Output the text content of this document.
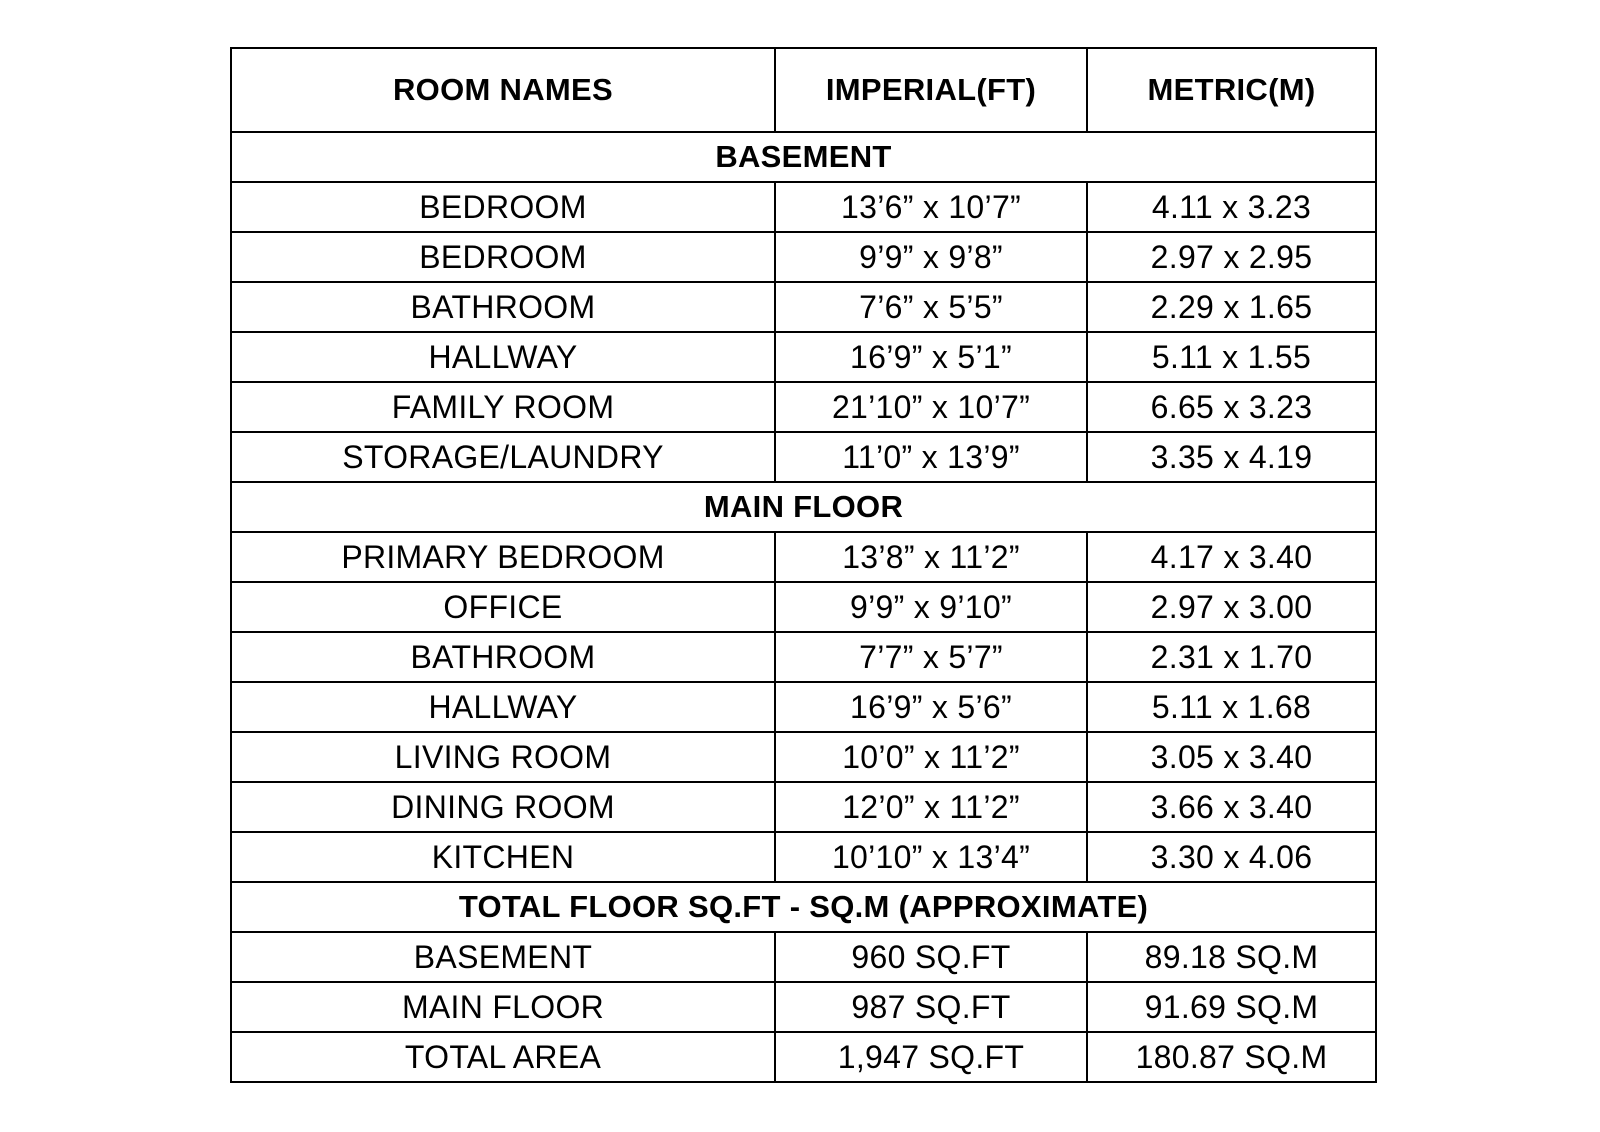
ROOM NAMES	IMPERIAL(FT)	METRIC(M)
BASEMENT		
BEDROOM	13’6” x 10’7”	4.11 x 3.23
BEDROOM	9’9” x 9’8”	2.97 x 2.95
BATHROOM	7’6” x 5’5”	2.29 x 1.65
HALLWAY	16’9” x 5’1”	5.11 x 1.55
FAMILY ROOM	21’10” x 10’7”	6.65 x 3.23
STORAGE/LAUNDRY	11’0” x 13’9”	3.35 x 4.19
MAIN FLOOR		
PRIMARY BEDROOM	13’8” x 11’2”	4.17 x 3.40
OFFICE	9’9” x 9’10”	2.97 x 3.00
BATHROOM	7’7” x 5’7”	2.31 x 1.70
HALLWAY	16’9” x 5’6”	5.11 x 1.68
LIVING ROOM	10’0” x 11’2”	3.05 x 3.40
DINING ROOM	12’0” x 11’2”	3.66 x 3.40
KITCHEN	10’10” x 13’4”	3.30 x 4.06
TOTAL FLOOR SQ.FT - SQ.M (APPROXIMATE)		
BASEMENT	960 SQ.FT	89.18 SQ.M
MAIN FLOOR	987 SQ.FT	91.69 SQ.M
TOTAL AREA	1,947 SQ.FT	180.87 SQ.M
